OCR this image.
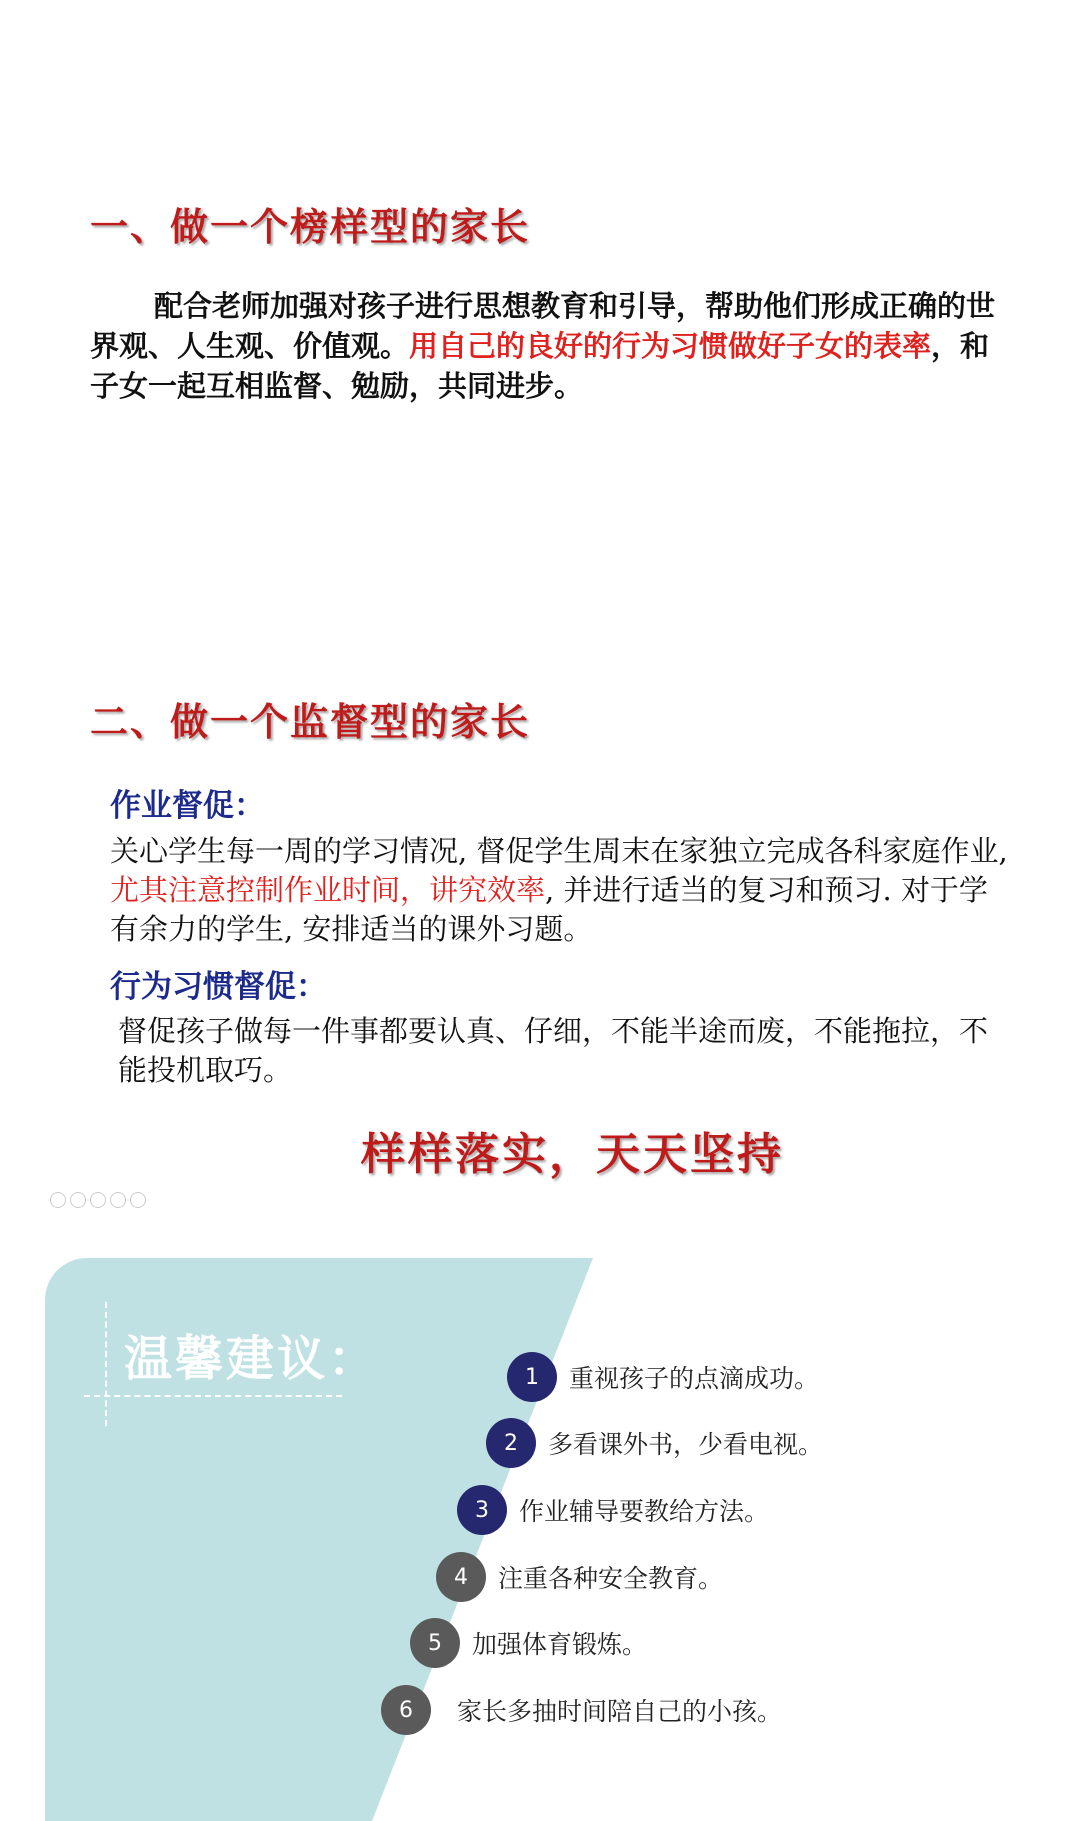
一、做一个榜样型的家长
配合老师加强对孩子进行思想教育和引导，帮助他们形成正确的世界观、人生观、价值观。用自己的良好的行为习惯做好子女的表率，和子女一起互相监督、勉励，共同进步。
二、做一个监督型的家长
作业督促：
关心学生每一周的学习情况, 督促学生周末在家独立完成各科家庭作业, 尤其注意控制作业时间，讲究效率, 并进行适当的复习和预习. 对于学有余力的学生, 安排适当的课外习题。
行为习惯督促：
督促孩子做每一件事都要认真、仔细，不能半途而废，不能拖拉，不能投机取巧。
样样落实，天天坚持
温馨建议：	1	重视孩子的点滴成功。
2	多看课外书，少看电视。
3	作业辅导要教给方法。
4	注重各种安全教育。
5	加强体育锻炼。
6	家长多抽时间陪自己的小孩。
